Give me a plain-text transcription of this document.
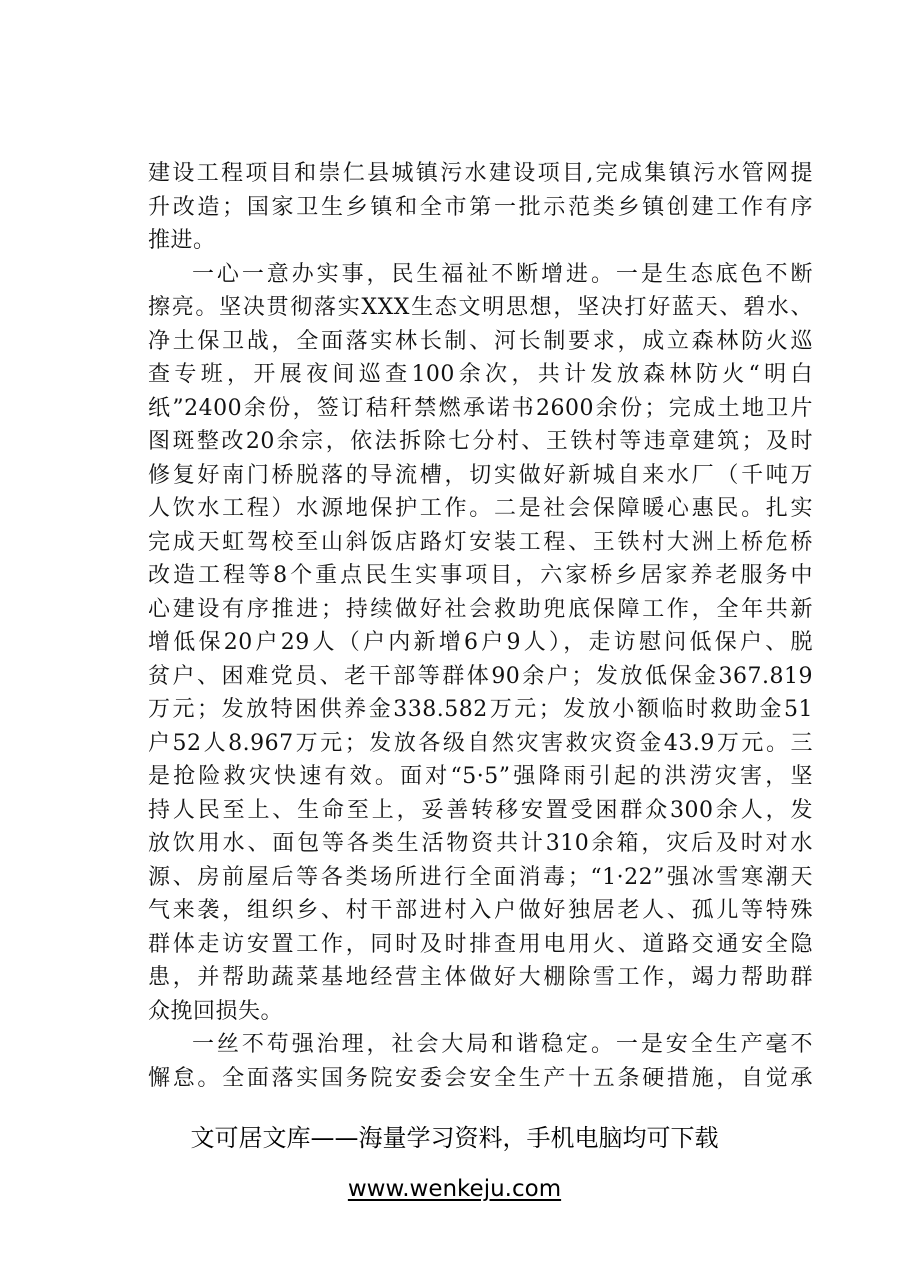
建设工程项目和崇仁县城镇污水建设项目,完成集镇污水管网提
升改造；国家卫生乡镇和全市第一批示范类乡镇创建工作有序
推进。
一心一意办实事，民生福祉不断增进。一是生态底色不断
擦亮。坚决贯彻落实XXX生态文明思想，坚决打好蓝天、碧水、
净土保卫战，全面落实林长制、河长制要求，成立森林防火巡
查专班，开展夜间巡查100余次，共计发放森林防火“明白
纸”2400余份，签订秸秆禁燃承诺书2600余份；完成土地卫片
图斑整改20余宗，依法拆除七分村、王铁村等违章建筑；及时
修复好南门桥脱落的导流槽，切实做好新城自来水厂（千吨万
人饮水工程）水源地保护工作。二是社会保障暖心惠民。扎实
完成天虹驾校至山斜饭店路灯安装工程、王铁村大洲上桥危桥
改造工程等8个重点民生实事项目，六家桥乡居家养老服务中
心建设有序推进；持续做好社会救助兜底保障工作，全年共新
增低保20户29人（户内新增6户9人），走访慰问低保户、脱
贫户、困难党员、老干部等群体90余户；发放低保金367.819
万元；发放特困供养金338.582万元；发放小额临时救助金51
户52人8.967万元；发放各级自然灾害救灾资金43.9万元。三
是抢险救灾快速有效。面对“5·5”强降雨引起的洪涝灾害，坚
持人民至上、生命至上，妥善转移安置受困群众300余人，发
放饮用水、面包等各类生活物资共计310余箱，灾后及时对水
源、房前屋后等各类场所进行全面消毒；“1·22”强冰雪寒潮天
气来袭，组织乡、村干部进村入户做好独居老人、孤儿等特殊
群体走访安置工作，同时及时排查用电用火、道路交通安全隐
患，并帮助蔬菜基地经营主体做好大棚除雪工作，竭力帮助群
众挽回损失。
一丝不苟强治理，社会大局和谐稳定。一是安全生产毫不
懈怠。全面落实国务院安委会安全生产十五条硬措施，自觉承
文可居文库——海量学习资料，手机电脑均可下载
www.wenkeju.com
